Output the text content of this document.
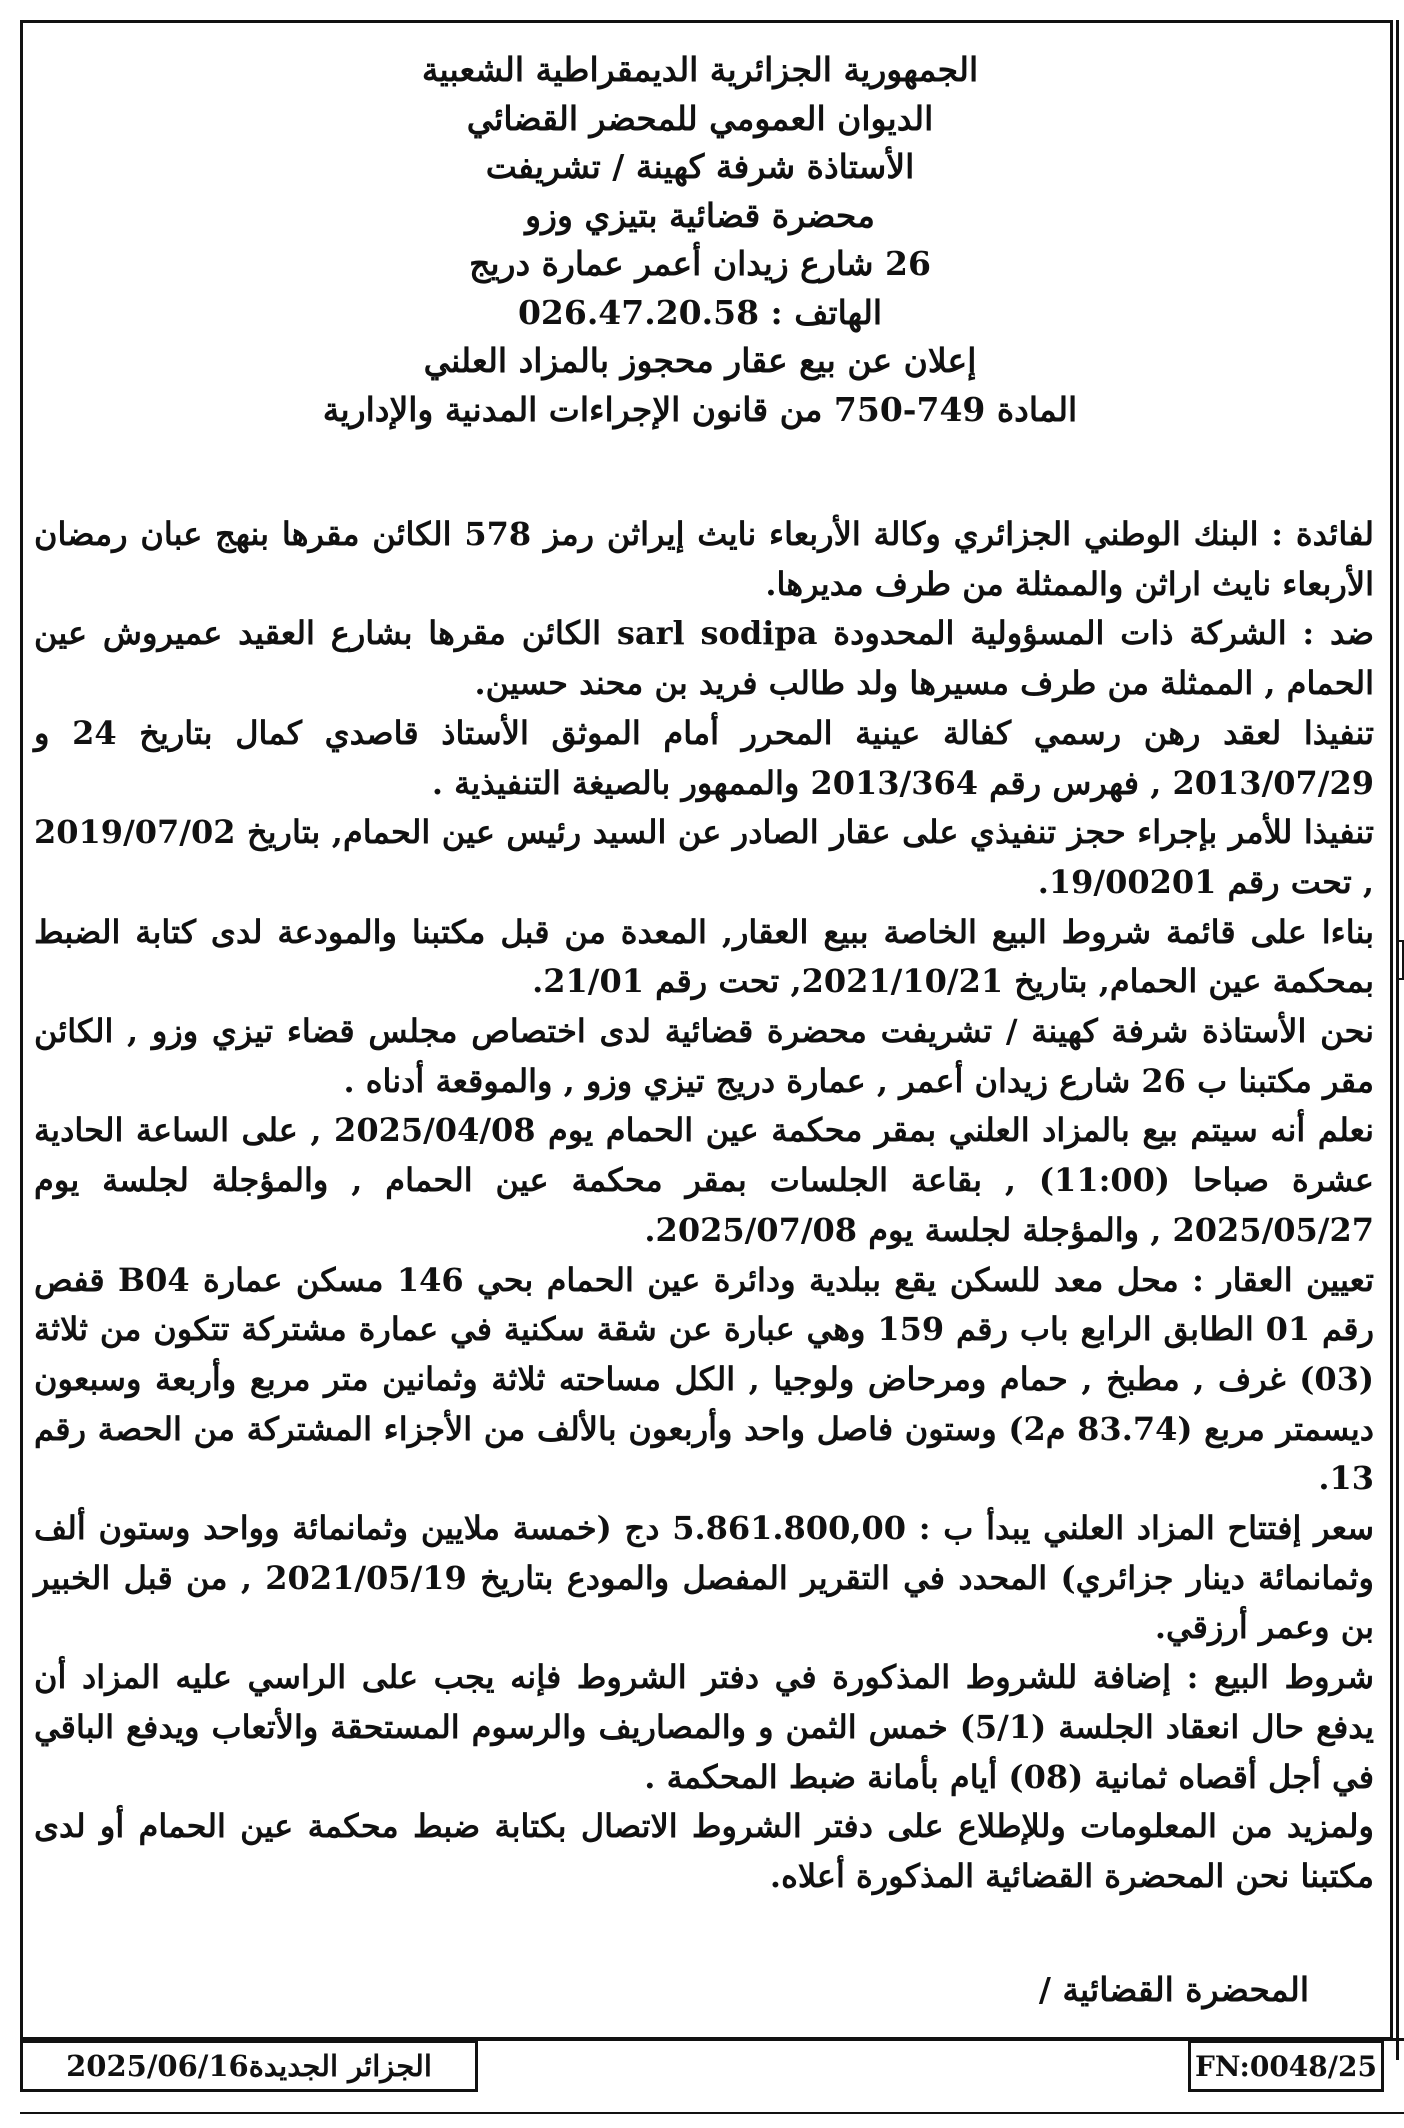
الجمهورية الجزائرية الديمقراطية الشعبية
الديوان العمومي للمحضر القضائي
الأستاذة شرفة كهينة / تشريفت
محضرة قضائية بتيزي وزو
26 شارع زيدان أعمر عمارة دريج
الهاتف : 026.47.20.58
إعلان عن بيع عقار محجوز بالمزاد العلني
المادة 749-750 من قانون الإجراءات المدنية والإدارية

لفائدة : البنك الوطني الجزائري وكالة الأربعاء نايث إيراثن رمز 578 الكائن مقرها بنهج عبان رمضان الأربعاء نايث اراثن والممثلة من طرف مديرها.

ضد : الشركة ذات المسؤولية المحدودة sarl sodipa الكائن مقرها بشارع العقيد عميروش عين الحمام , الممثلة من طرف مسيرها ولد طالب فريد بن محند حسين.

تنفيذا لعقد رهن رسمي كفالة عينية المحرر أمام الموثق الأستاذ قاصدي كمال بتاريخ 24 و 2013/07/29 , فهرس رقم 2013/364 والممهور بالصيغة التنفيذية .

تنفيذا للأمر بإجراء حجز تنفيذي على عقار الصادر عن السيد رئيس عين الحمام, بتاريخ 2019/07/02 , تحت رقم 19/00201.

بناءا على قائمة شروط البيع الخاصة ببيع العقار, المعدة من قبل مكتبنا والمودعة لدى كتابة الضبط بمحكمة عين الحمام, بتاريخ 2021/10/21, تحت رقم 21/01.

نحن الأستاذة شرفة كهينة / تشريفت محضرة قضائية لدى اختصاص مجلس قضاء تيزي وزو , الكائن مقر مكتبنا ب 26 شارع زيدان أعمر , عمارة دريج تيزي وزو , والموقعة أدناه .

نعلم أنه سيتم بيع بالمزاد العلني بمقر محكمة عين الحمام يوم 2025/04/08 , على الساعة الحادية عشرة صباحا (11:00) , بقاعة الجلسات بمقر محكمة عين الحمام , والمؤجلة لجلسة يوم 2025/05/27 , والمؤجلة لجلسة يوم 2025/07/08.

تعيين العقار : محل معد للسكن يقع ببلدية ودائرة عين الحمام بحي 146 مسكن عمارة B04 قفص رقم 01 الطابق الرابع باب رقم 159 وهي عبارة عن شقة سكنية في عمارة مشتركة تتكون من ثلاثة (03) غرف , مطبخ , حمام ومرحاض ولوجيا , الكل مساحته ثلاثة وثمانين متر مربع وأربعة وسبعون ديسمتر مربع (83.74 م2) وستون فاصل واحد وأربعون بالألف من الأجزاء المشتركة من الحصة رقم 13.

سعر إفتتاح المزاد العلني يبدأ ب : 5.861.800,00 دج (خمسة ملايين وثمانمائة وواحد وستون ألف وثمانمائة دينار جزائري) المحدد في التقرير المفصل والمودع بتاريخ 2021/05/19 , من قبل الخبير بن وعمر أرزقي.

شروط البيع : إضافة للشروط المذكورة في دفتر الشروط فإنه يجب على الراسي عليه المزاد أن يدفع حال انعقاد الجلسة (5/1) خمس الثمن و والمصاريف والرسوم المستحقة والأتعاب ويدفع الباقي في أجل أقصاه ثمانية (08) أيام بأمانة ضبط المحكمة .

ولمزيد من المعلومات وللإطلاع على دفتر الشروط الاتصال بكتابة ضبط محكمة عين الحمام أو لدى مكتبنا نحن المحضرة القضائية المذكورة أعلاه.

المحضرة القضائية /
الجزائر الجديدة
2025/06/16	FN:0048/25
